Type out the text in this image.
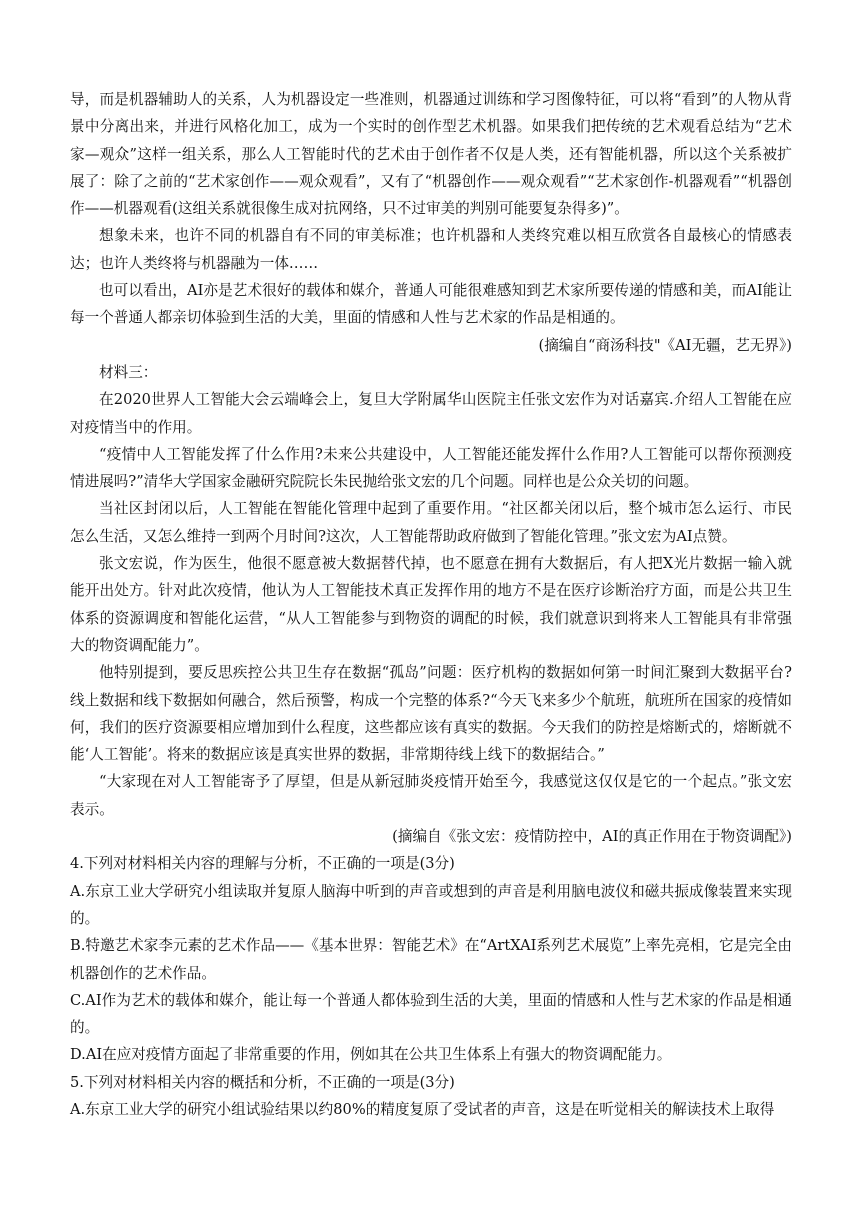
导，而是机器辅助人的关系，人为机器设定一些准则，机器通过训练和学习图像特征，可以将“看到”的人物从背景中分离出来，并进行风格化加工，成为一个实时的创作型艺术机器。如果我们把传统的艺术观看总结为“艺术家—观众”这样一组关系，那么人工智能时代的艺术由于创作者不仅是人类，还有智能机器，所以这个关系被扩展了：除了之前的“艺术家创作——观众观看”，又有了“机器创作——观众观看”“艺术家创作-机器观看”“机器创作——机器观看(这组关系就很像生成对抗网络，只不过审美的判别可能要复杂得多)”。

想象未来，也许不同的机器自有不同的审美标准；也许机器和人类终究难以相互欣赏各自最核心的情感表达；也许人类终将与机器融为一体……

也可以看出，AI亦是艺术很好的载体和媒介，普通人可能很难感知到艺术家所要传递的情感和美，而AI能让每一个普通人都亲切体验到生活的大美，里面的情感和人性与艺术家的作品是相通的。

(摘编自“商汤科技"《AI无疆，艺无界》)

材料三：

在2020世界人工智能大会云端峰会上，复旦大学附属华山医院主任张文宏作为对话嘉宾.介绍人工智能在应对疫情当中的作用。

“疫情中人工智能发挥了什么作用?未来公共建设中，人工智能还能发挥什么作用?人工智能可以帮你预测疫情进展吗?”清华大学国家金融研究院院长朱民抛给张文宏的几个问题。同样也是公众关切的问题。

当社区封闭以后，人工智能在智能化管理中起到了重要作用。“社区都关闭以后，整个城市怎么运行、市民怎么生活，又怎么维持一到两个月时间?这次，人工智能帮助政府做到了智能化管理。”张文宏为AI点赞。

张文宏说，作为医生，他很不愿意被大数据替代掉，也不愿意在拥有大数据后，有人把X光片数据一输入就能开出处方。针对此次疫情，他认为人工智能技术真正发挥作用的地方不是在医疗诊断治疗方面，而是公共卫生体系的资源调度和智能化运营，“从人工智能参与到物资的调配的时候，我们就意识到将来人工智能具有非常强大的物资调配能力”。

他特别提到，要反思疾控公共卫生存在数据“孤岛”问题：医疗机构的数据如何第一时间汇聚到大数据平台?线上数据和线下数据如何融合，然后预警，构成一个完整的体系?“今天飞来多少个航班，航班所在国家的疫情如何，我们的医疗资源要相应增加到什么程度，这些都应该有真实的数据。今天我们的防控是熔断式的，熔断就不能‘人工智能’。将来的数据应该是真实世界的数据，非常期待线上线下的数据结合。”

“大家现在对人工智能寄予了厚望，但是从新冠肺炎疫情开始至今，我感觉这仅仅是它的一个起点。”张文宏表示。

(摘编自《张文宏：疫情防控中，AI的真正作用在于物资调配》)

4.下列对材料相关内容的理解与分析，不正确的一项是(3分)

A.东京工业大学研究小组读取并复原人脑海中听到的声音或想到的声音是利用脑电波仪和磁共振成像装置来实现的。

B.特邀艺术家李元素的艺术作品——《基本世界：智能艺术》在“ArtXAI系列艺术展览”上率先亮相，它是完全由机器创作的艺术作品。

C.AI作为艺术的载体和媒介，能让每一个普通人都体验到生活的大美，里面的情感和人性与艺术家的作品是相通的。

D.AI在应对疫情方面起了非常重要的作用，例如其在公共卫生体系上有强大的物资调配能力。

5.下列对材料相关内容的概括和分析，不正确的一项是(3分)

A.东京工业大学的研究小组试验结果以约80%的精度复原了受试者的声音，这是在听觉相关的解读技术上取得
